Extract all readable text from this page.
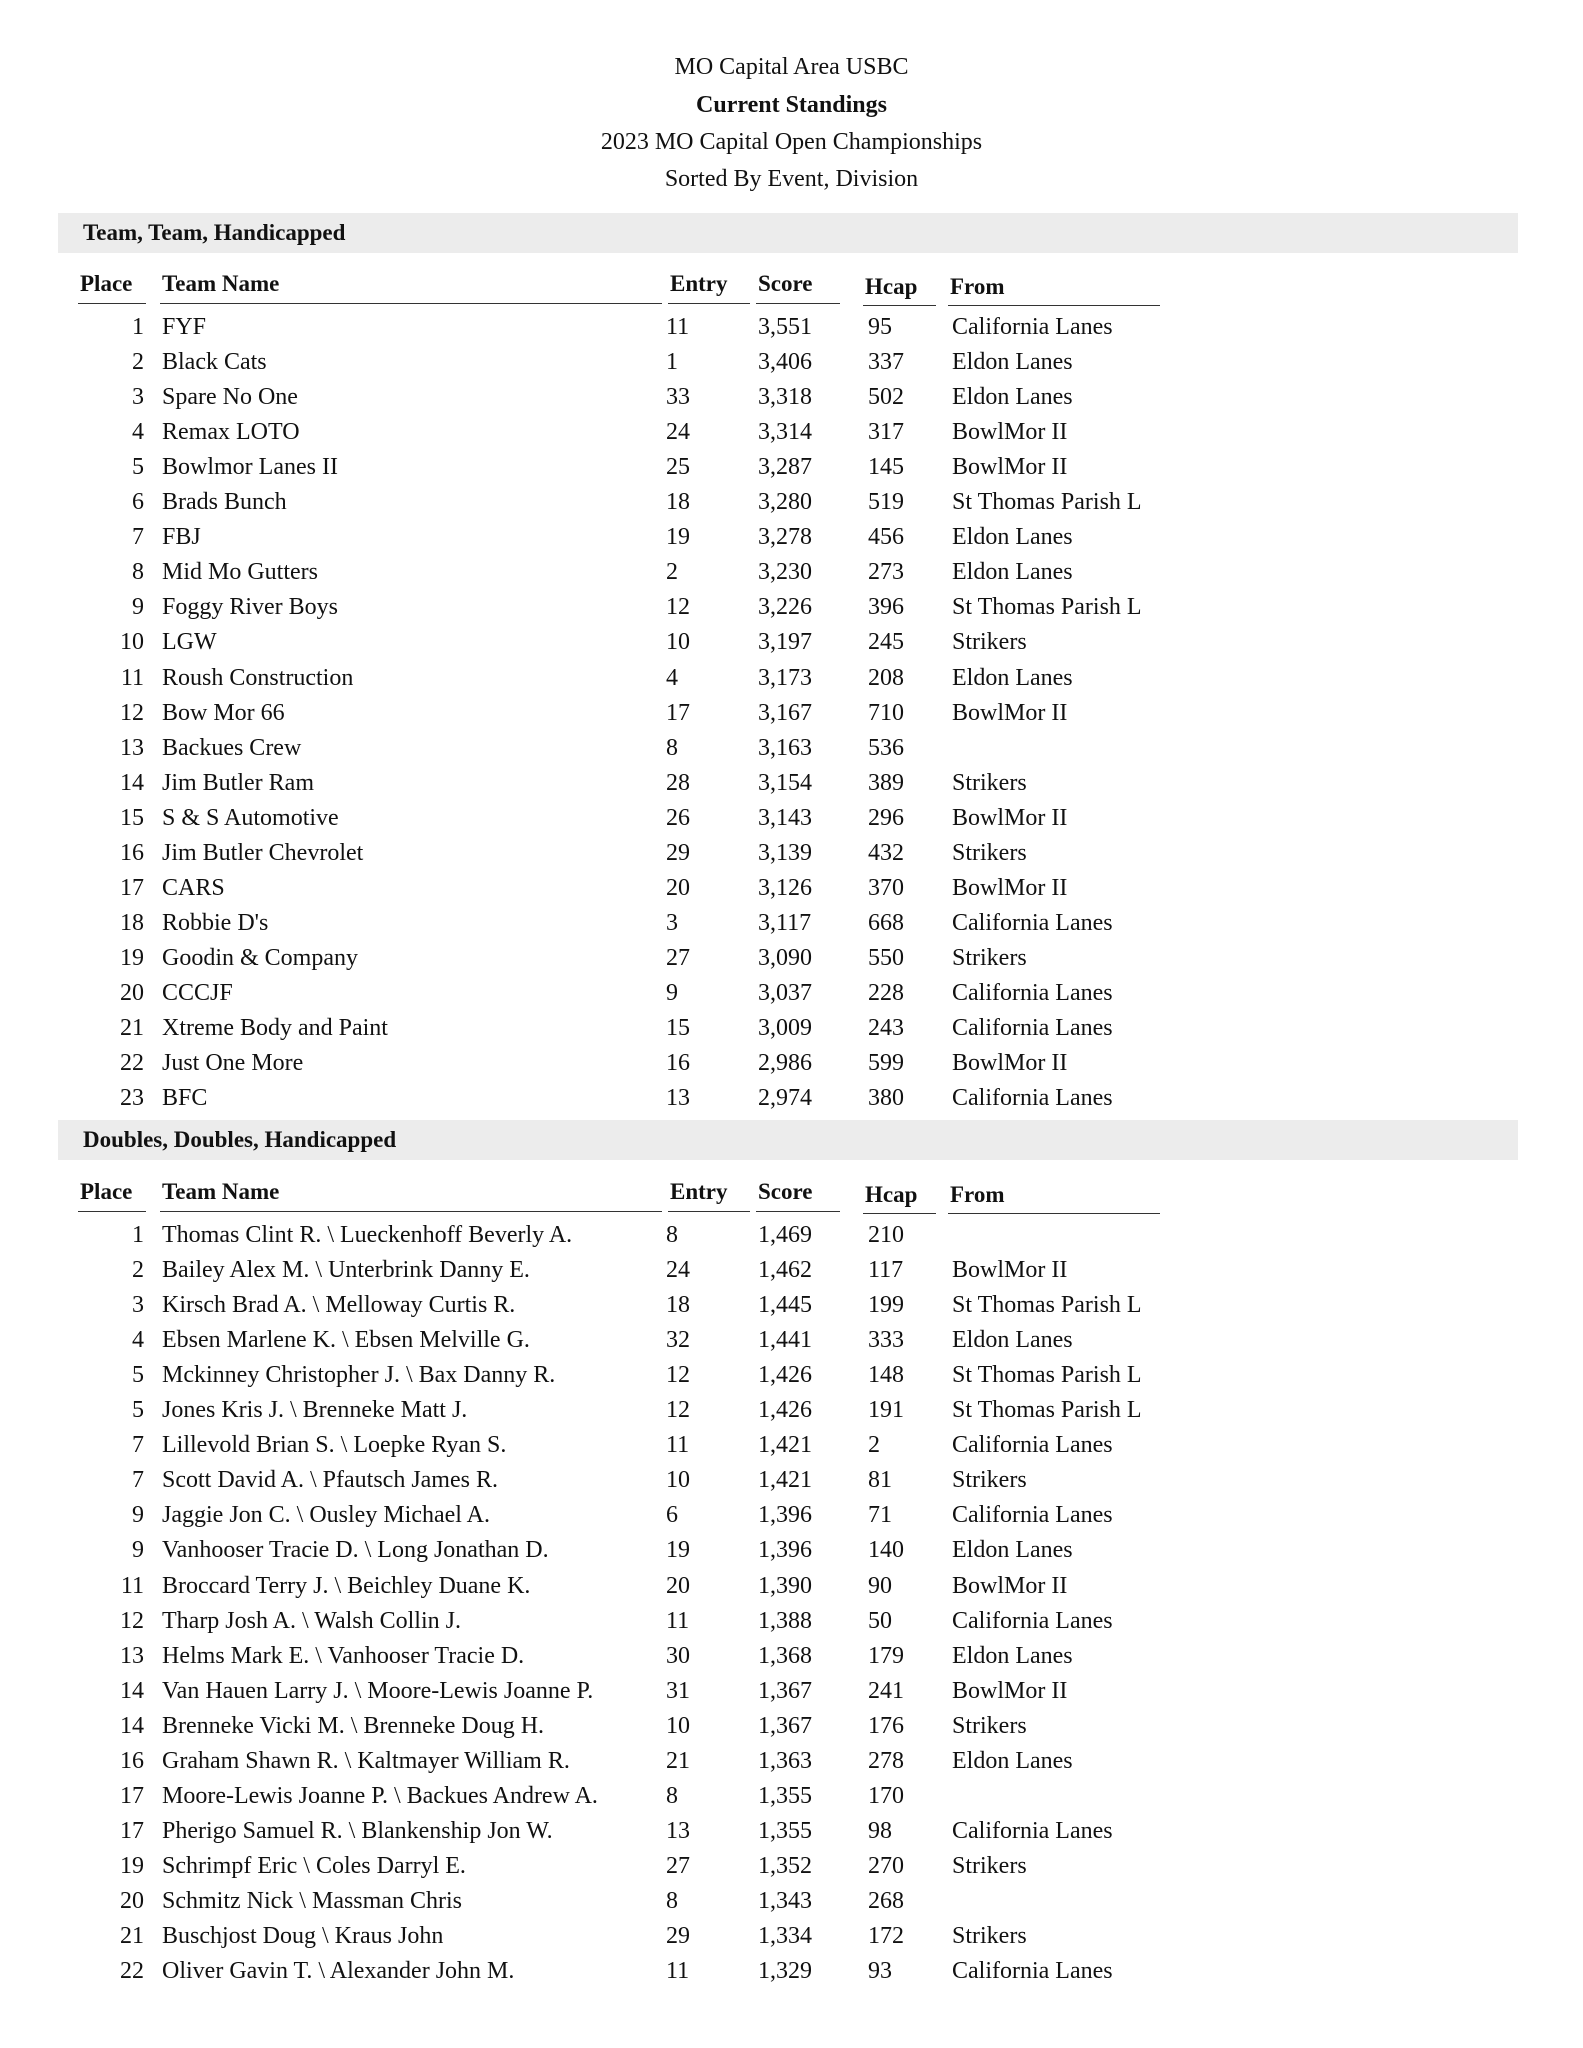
MO Capital Area USBC
Current Standings
2023 MO Capital Open Championships
Sorted By Event, Division
Team, Team, Handicapped
Place Team Name	Entry Score Hcap From
1 FYF	11	3,551 95	California Lanes
2 Black Cats	1	3,406 337 Eldon Lanes
3 Spare No One	33	3,318 502 Eldon Lanes
4 Remax LOTO	24	3,314 317 BowlMor II
5 Bowlmor Lanes II	25	3,287 145 BowlMor II
6 Brads Bunch	18	3,280 519 St Thomas Parish L
7 FBJ	19	3,278 456 Eldon Lanes
8 Mid Mo Gutters	2	3,230 273 Eldon Lanes
9 Foggy River Boys	12	3,226 396 St Thomas Parish L
10 LGW	10	3,197 245 Strikers
11 Roush Construction	4	3,173 208 Eldon Lanes
12 Bow Mor 66	17	3,167 710 BowlMor II
13 Backues Crew	8	3,163 536
14 Jim Butler Ram	28	3,154 389 Strikers
15 S & S Automotive	26	3,143 296 BowlMor II
16 Jim Butler Chevrolet	29	3,139 432 Strikers
17 CARS	20	3,126 370 BowlMor II
18 Robbie D's	3	3,117 668 California Lanes
19 Goodin & Company	27	3,090 550 Strikers
20 CCCJF	9	3,037 228 California Lanes
21 Xtreme Body and Paint	15	3,009 243 California Lanes
22 Just One More	16	2,986 599 BowlMor II
23 BFC	13	2,974 380 California Lanes
Doubles, Doubles, Handicapped
Place Team Name	Entry Score Hcap From
1 Thomas Clint R. \ Lueckenhoff Beverly A.	8	1,469 210
2 Bailey Alex M. \ Unterbrink Danny E.	24	1,462 117 BowlMor II
3 Kirsch Brad A. \ Melloway Curtis R.	18	1,445 199 St Thomas Parish L
4 Ebsen Marlene K. \ Ebsen Melville G.	32	1,441 333 Eldon Lanes
5 Mckinney Christopher J. \ Bax Danny R.	12	1,426 148 St Thomas Parish L
5 Jones Kris J. \ Brenneke Matt J.	12	1,426 191 St Thomas Parish L
7 Lillevold Brian S. \ Loepke Ryan S.	11	1,421 2	California Lanes
7 Scott David A. \ Pfautsch James R.	10	1,421 81	Strikers
9 Jaggie Jon C. \ Ousley Michael A.	6	1,396 71	California Lanes
9 Vanhooser Tracie D. \ Long Jonathan D.	19	1,396 140 Eldon Lanes
11 Broccard Terry J. \ Beichley Duane K.	20	1,390 90	BowlMor II
12 Tharp Josh A. \ Walsh Collin J.	11	1,388 50	California Lanes
13 Helms Mark E. \ Vanhooser Tracie D.	30	1,368 179 Eldon Lanes
14 Van Hauen Larry J. \ Moore-Lewis Joanne P.	31	1,367 241 BowlMor II
14 Brenneke Vicki M. \ Brenneke Doug H.	10	1,367 176 Strikers
16 Graham Shawn R. \ Kaltmayer William R.	21	1,363 278 Eldon Lanes
17 Moore-Lewis Joanne P. \ Backues Andrew A.	8	1,355 170
17 Pherigo Samuel R. \ Blankenship Jon W.	13	1,355 98	California Lanes
19 Schrimpf Eric \ Coles Darryl E.	27	1,352 270 Strikers
20 Schmitz Nick \ Massman Chris	8	1,343 268
21 Buschjost Doug \ Kraus John	29	1,334 172 Strikers
22 Oliver Gavin T. \ Alexander John M.	11	1,329 93	California Lanes
